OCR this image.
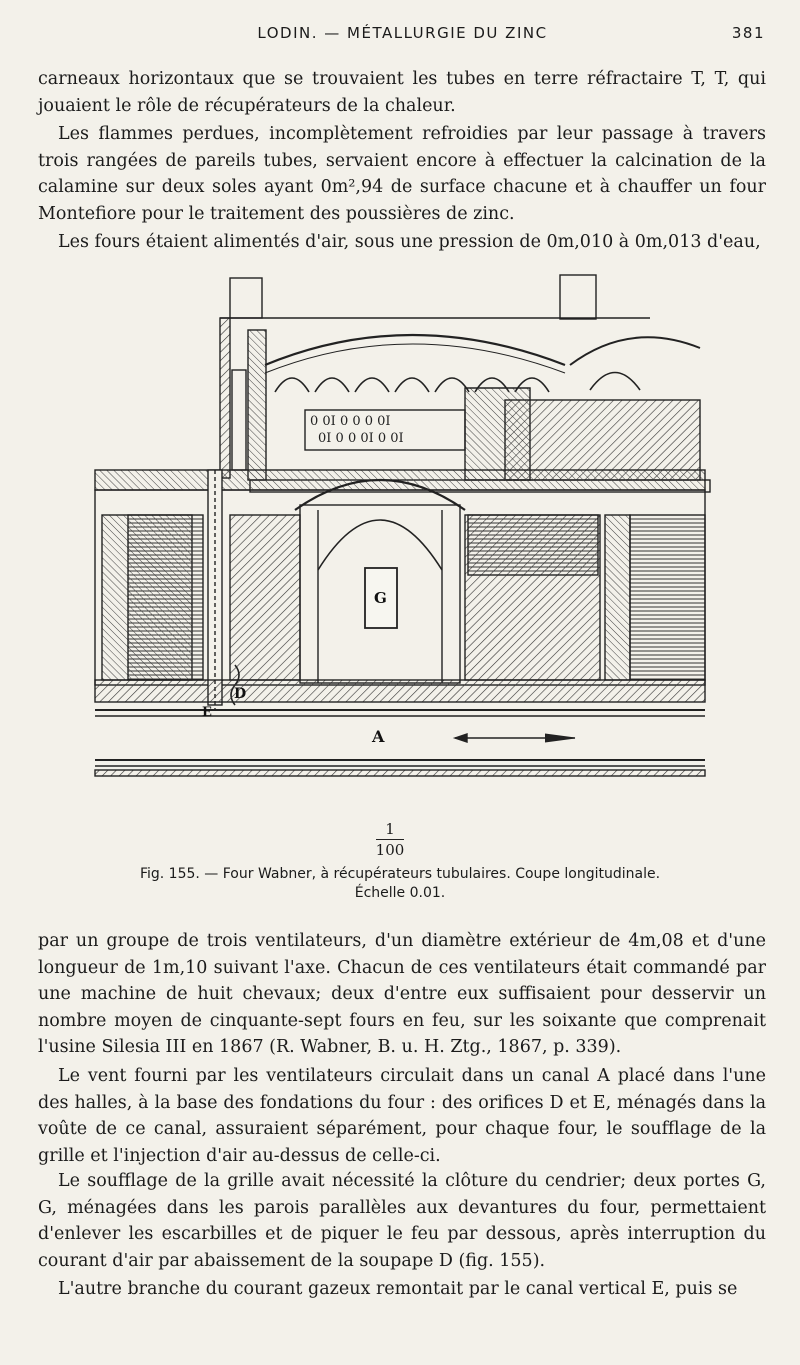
LODIN. — MÉTALLURGIE DU ZINC	381

carneaux horizontaux que se trouvaient les tubes en terre réfractaire T, T, qui jouaient le rôle de récupérateurs de la chaleur.

Les flammes perdues, incomplètement refroidies par leur passage à travers trois rangées de pareils tubes, servaient encore à effectuer la calcination de la calamine sur deux soles ayant 0m²,94 de surface chacune et à chauffer un four Montefiore pour le traitement des poussières de zinc.

Les fours étaient alimentés d'air, sous une pression de 0m,010 à 0m,013 d'eau,

0 0I 0 0 0 0I
0I 0 0 0I 0 0I
G
A
D
E
1
100
Fig. 155. — Four Wabner, à récupérateurs tubulaires. Coupe longitudinale.
Échelle 0.01.

par un groupe de trois ventilateurs, d'un diamètre extérieur de 4m,08 et d'une longueur de 1m,10 suivant l'axe. Chacun de ces ventilateurs était commandé par une machine de huit chevaux; deux d'entre eux suffisaient pour desservir un nombre moyen de cinquante-sept fours en feu, sur les soixante que comprenait l'usine Silesia III en 1867 (R. Wabner, B. u. H. Ztg., 1867, p. 339).

Le vent fourni par les ventilateurs circulait dans un canal A placé dans l'une des halles, à la base des fondations du four : des orifices D et E, ménagés dans la voûte de ce canal, assuraient séparément, pour chaque four, le soufflage de la grille et l'injection d'air au-dessus de celle-ci.

Le soufflage de la grille avait nécessité la clôture du cendrier; deux portes G, G, ménagées dans les parois parallèles aux devantures du four, permettaient d'enlever les escarbilles et de piquer le feu par dessous, après interruption du courant d'air par abaissement de la soupape D (fig. 155).

L'autre branche du courant gazeux remontait par le canal vertical E, puis se
